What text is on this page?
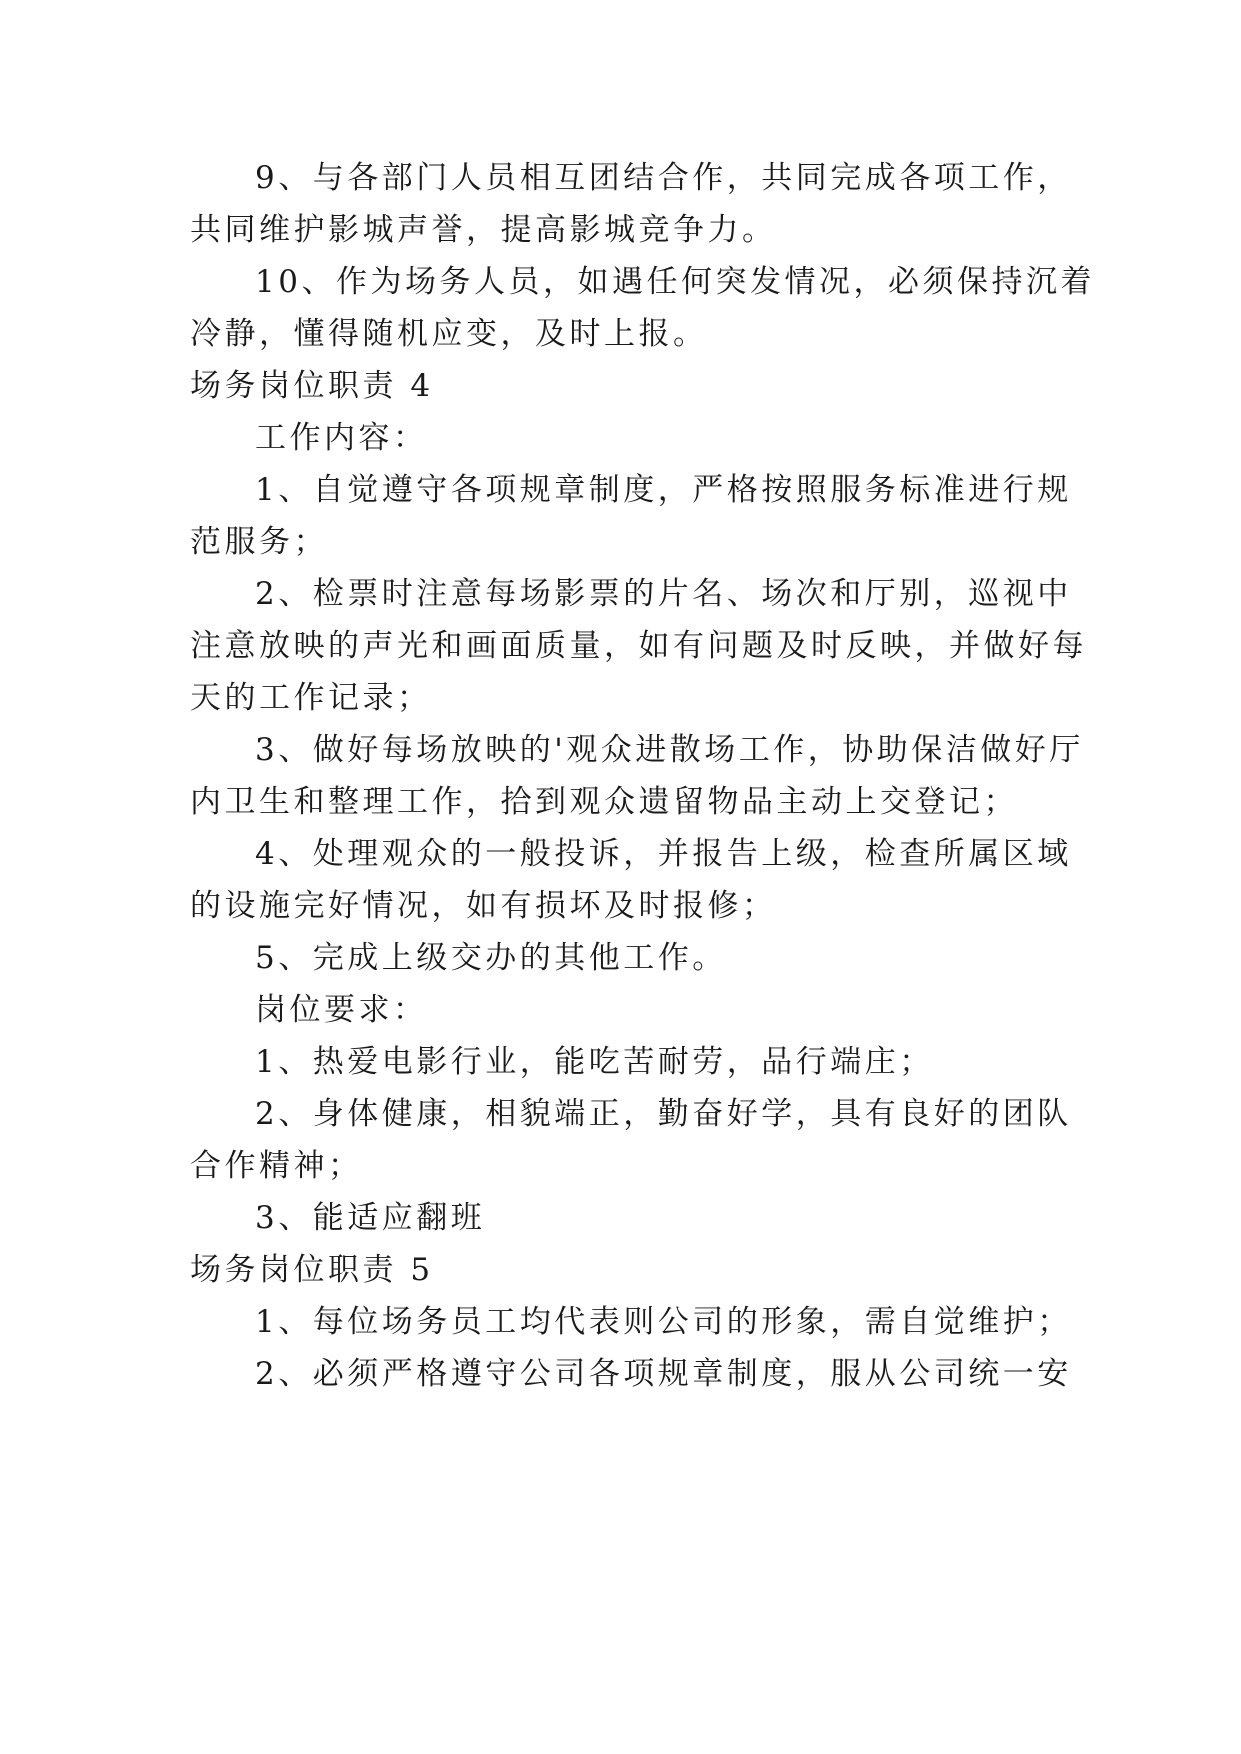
9、与各部门人员相互团结合作，共同完成各项工作，
共同维护影城声誉，提高影城竞争力。
10、作为场务人员，如遇任何突发情况，必须保持沉着
冷静，懂得随机应变，及时上报。
场务岗位职责 4
工作内容：
1、自觉遵守各项规章制度，严格按照服务标准进行规
范服务；
2、检票时注意每场影票的片名、场次和厅别，巡视中
注意放映的声光和画面质量，如有问题及时反映，并做好每
天的工作记录；
3、做好每场放映的'观众进散场工作，协助保洁做好厅
内卫生和整理工作，拾到观众遗留物品主动上交登记；
4、处理观众的一般投诉，并报告上级，检查所属区域
的设施完好情况，如有损坏及时报修；
5、完成上级交办的其他工作。
岗位要求：
1、热爱电影行业，能吃苦耐劳，品行端庄；
2、身体健康，相貌端正，勤奋好学，具有良好的团队
合作精神；
3、能适应翻班
场务岗位职责 5
1、每位场务员工均代表则公司的形象，需自觉维护；
2、必须严格遵守公司各项规章制度，服从公司统一安
